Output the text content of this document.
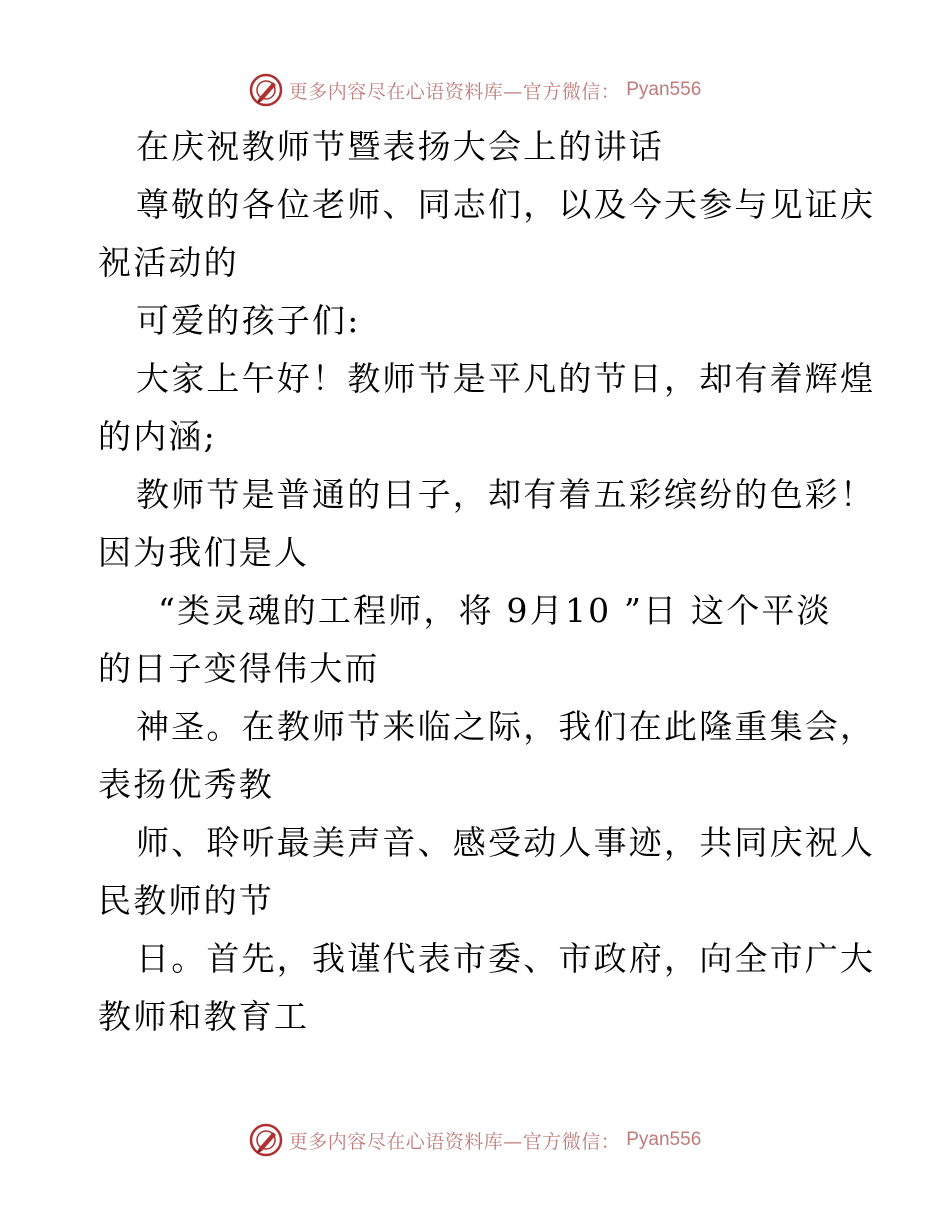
更多内容尽在心语资料库—官方微信： Pyan556
在庆祝教师节暨表扬大会上的讲话
尊敬的各位老师、同志们，以及今天参与见证庆
祝活动的
可爱的孩子们:
大家上午好！教师节是平凡的节日，却有着辉煌
的内涵;
教师节是普通的日子，却有着五彩缤纷的色彩！
因为我们是人
“类灵魂的工程师，将 9月10 ”日 这个平淡
的日子变得伟大而
神圣。在教师节来临之际，我们在此隆重集会，
表扬优秀教
师、聆听最美声音、感受动人事迹，共同庆祝人
民教师的节
日。首先，我谨代表市委、市政府，向全市广大
教师和教育工
更多内容尽在心语资料库—官方微信： Pyan556
